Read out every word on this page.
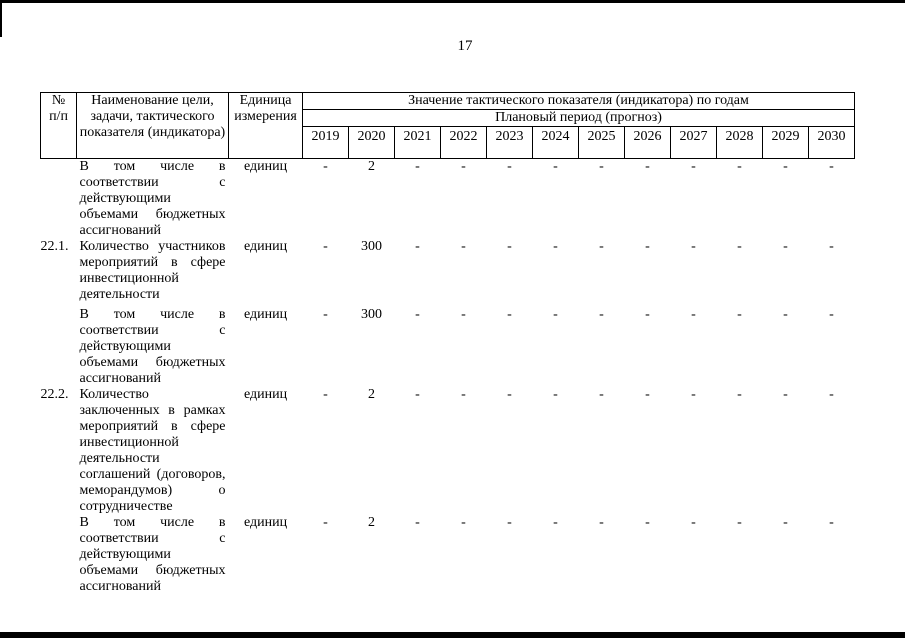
17
№
п/п	Наименование цели, задачи, тактического показателя (индикатора)	Единица измерения	Значение тактического показателя (индикатора) по годам											
			Плановый период (прогноз)											
			2019	2020	2021	2022	2023	2024	2025	2026	2027	2028	2029	2030
	В том числе в соответствии с действующими объемами бюджетных ассигнований	единиц	-	2	-	-	-	-	-	-	-	-	-	-
22.1.	Количество участников мероприятий в сфере инвестиционной деятельности	единиц	-	300	-	-	-	-	-	-	-	-	-	-
	В том числе в соответствии с действующими объемами бюджетных ассигнований	единиц	-	300	-	-	-	-	-	-	-	-	-	-
22.2.	Количество заключенных в рамках мероприятий в сфере инвестиционной деятельности соглашений (договоров, меморандумов) о сотрудничестве	единиц	-	2	-	-	-	-	-	-	-	-	-	-
	В том числе в соответствии с действующими объемами бюджетных ассигнований	единиц	-	2	-	-	-	-	-	-	-	-	-	-
